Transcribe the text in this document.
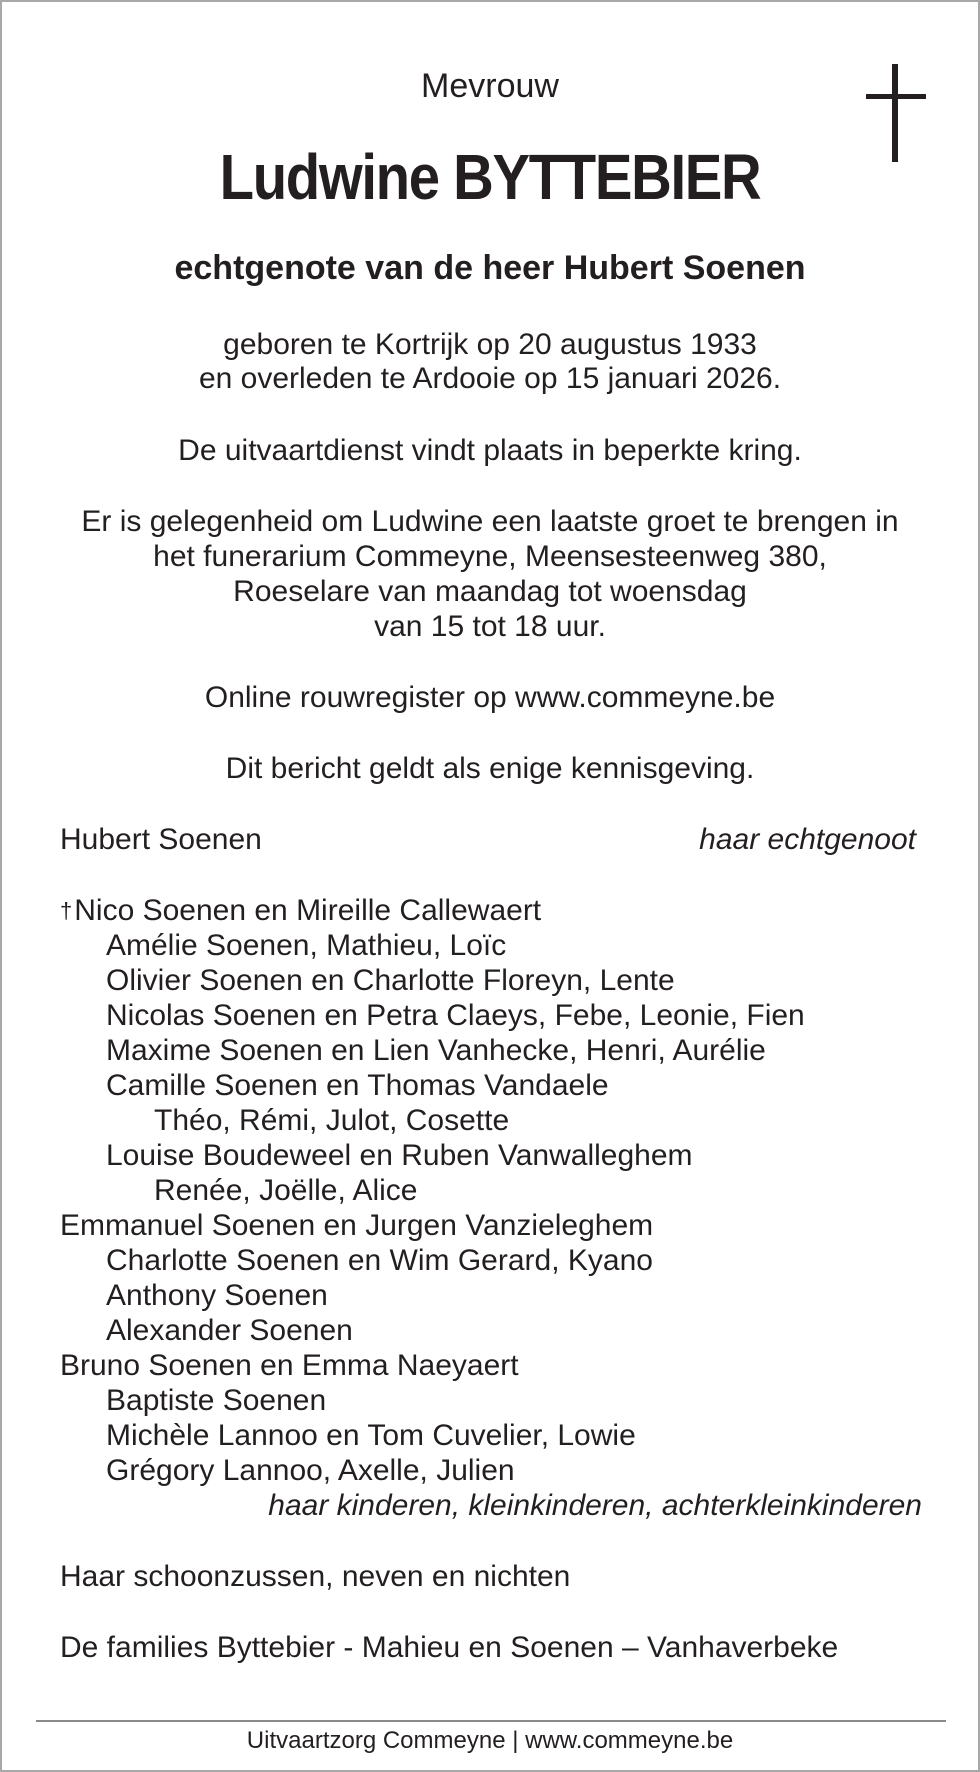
Mevrouw
Ludwine BYTTEBIER
echtgenote van de heer Hubert Soenen
geboren te Kortrijk op 20 augustus 1933
en overleden te Ardooie op 15 januari 2026.
De uitvaartdienst vindt plaats in beperkte kring.
Er is gelegenheid om Ludwine een laatste groet te brengen in
het funerarium Commeyne, Meensesteenweg 380,
Roeselare van maandag tot woensdag
van 15 tot 18 uur.
Online rouwregister op www.commeyne.be
Dit bericht geldt als enige kennisgeving.
Hubert Soenen	haar echtgenoot
†Nico Soenen en Mireille Callewaert
Amélie Soenen, Mathieu, Loïc
Olivier Soenen en Charlotte Floreyn, Lente
Nicolas Soenen en Petra Claeys, Febe, Leonie, Fien
Maxime Soenen en Lien Vanhecke, Henri, Aurélie
Camille Soenen en Thomas Vandaele
Théo, Rémi, Julot, Cosette
Louise Boudeweel en Ruben Vanwalleghem
Renée, Joëlle, Alice
Emmanuel Soenen en Jurgen Vanzieleghem
Charlotte Soenen en Wim Gerard, Kyano
Anthony Soenen
Alexander Soenen
Bruno Soenen en Emma Naeyaert
Baptiste Soenen
Michèle Lannoo en Tom Cuvelier, Lowie
Grégory Lannoo, Axelle, Julien
haar kinderen, kleinkinderen, achterkleinkinderen
Haar schoonzussen, neven en nichten
De families Byttebier - Mahieu en Soenen – Vanhaverbeke
Uitvaartzorg Commeyne | www.commeyne.be
